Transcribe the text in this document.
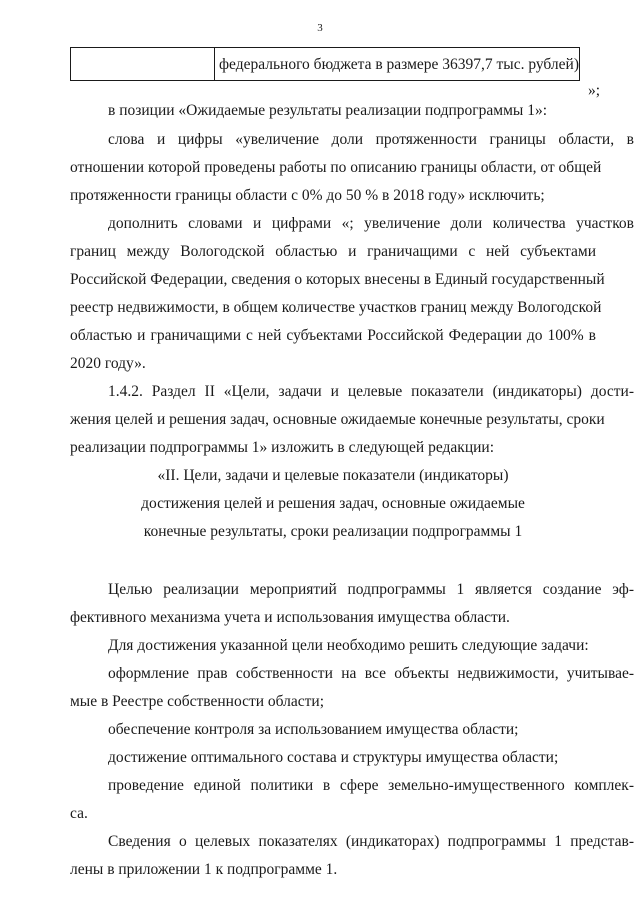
3
федерального бюджета в размере 36397,7 тыс. рублей)
»;
в позиции «Ожидаемые результаты реализации подпрограммы 1»:
слова и цифры «увеличение доли протяженности границы области, в
отношении которой проведены работы по описанию границы области, от общей
протяженности границы области с 0% до 50 % в 2018 году» исключить;
дополнить словами и цифрами «; увеличение доли количества участков
границ между Вологодской областью и граничащими с ней субъектами
Российской Федерации, сведения о которых внесены в Единый государственный
реестр недвижимости, в общем количестве участков границ между Вологодской
областью и граничащими с ней субъектами Российской Федерации до 100% в
2020 году».
1.4.2. Раздел II «Цели, задачи и целевые показатели (индикаторы) дости-
жения целей и решения задач, основные ожидаемые конечные результаты, сроки
реализации подпрограммы 1» изложить в следующей редакции:
«II. Цели, задачи и целевые показатели (индикаторы)
достижения целей и решения задач, основные ожидаемые
конечные результаты, сроки реализации подпрограммы 1
Целью реализации мероприятий подпрограммы 1 является создание эф-
фективного механизма учета и использования имущества области.
Для достижения указанной цели необходимо решить следующие задачи:
оформление прав собственности на все объекты недвижимости, учитывае-
мые в Реестре собственности области;
обеспечение контроля за использованием имущества области;
достижение оптимального состава и структуры имущества области;
проведение единой политики в сфере земельно-имущественного комплек-
са.
Сведения о целевых показателях (индикаторах) подпрограммы 1 представ-
лены в приложении 1 к подпрограмме 1.
